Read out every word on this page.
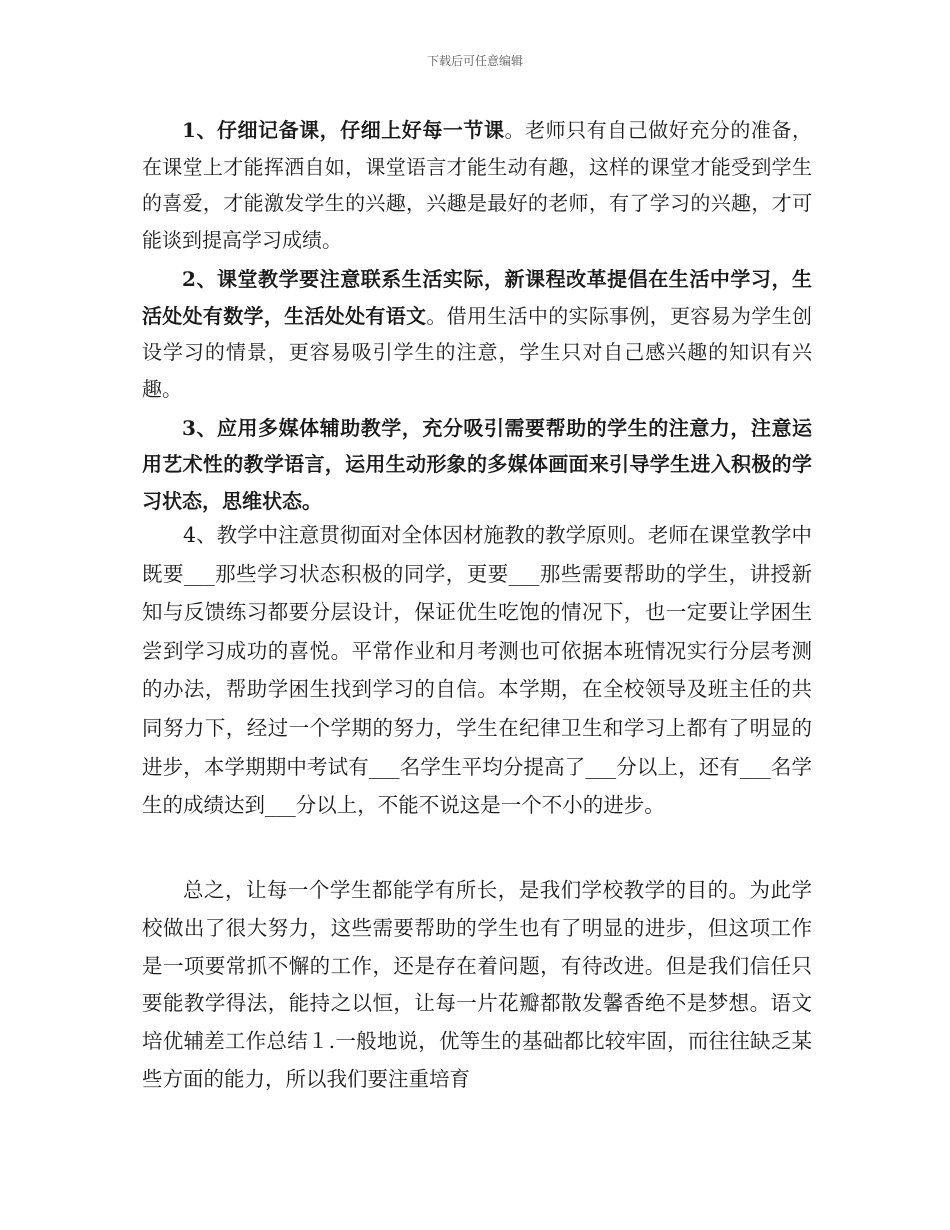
下载后可任意编辑

1、仔细记备课，仔细上好每一节课。老师只有自己做好充分的准备，在课堂上才能挥洒自如，课堂语言才能生动有趣，这样的课堂才能受到学生的喜爱，才能激发学生的兴趣，兴趣是最好的老师，有了学习的兴趣，才可能谈到提高学习成绩。

2、课堂教学要注意联系生活实际，新课程改革提倡在生活中学习，生活处处有数学，生活处处有语文。借用生活中的实际事例，更容易为学生创设学习的情景，更容易吸引学生的注意，学生只对自己感兴趣的知识有兴趣。

3、应用多媒体辅助教学，充分吸引需要帮助的学生的注意力，注意运用艺术性的教学语言，运用生动形象的多媒体画面来引导学生进入积极的学习状态，思维状态。

4、教学中注意贯彻面对全体因材施教的教学原则。老师在课堂教学中既要___那些学习状态积极的同学，更要___那些需要帮助的学生，讲授新知与反馈练习都要分层设计，保证优生吃饱的情况下，也一定要让学困生尝到学习成功的喜悦。平常作业和月考测也可依据本班情况实行分层考测的办法，帮助学困生找到学习的自信。本学期，在全校领导及班主任的共同努力下，经过一个学期的努力，学生在纪律卫生和学习上都有了明显的进步，本学期期中考试有___名学生平均分提高了___分以上，还有___名学生的成绩达到___分以上，不能不说这是一个不小的进步。

总之，让每一个学生都能学有所长，是我们学校教学的目的。为此学校做出了很大努力，这些需要帮助的学生也有了明显的进步，但这项工作是一项要常抓不懈的工作，还是存在着问题，有待改进。但是我们信任只要能教学得法，能持之以恒，让每一片花瓣都散发馨香绝不是梦想。语文培优辅差工作总结１.一般地说，优等生的基础都比较牢固，而往往缺乏某些方面的能力，所以我们要注重培育
